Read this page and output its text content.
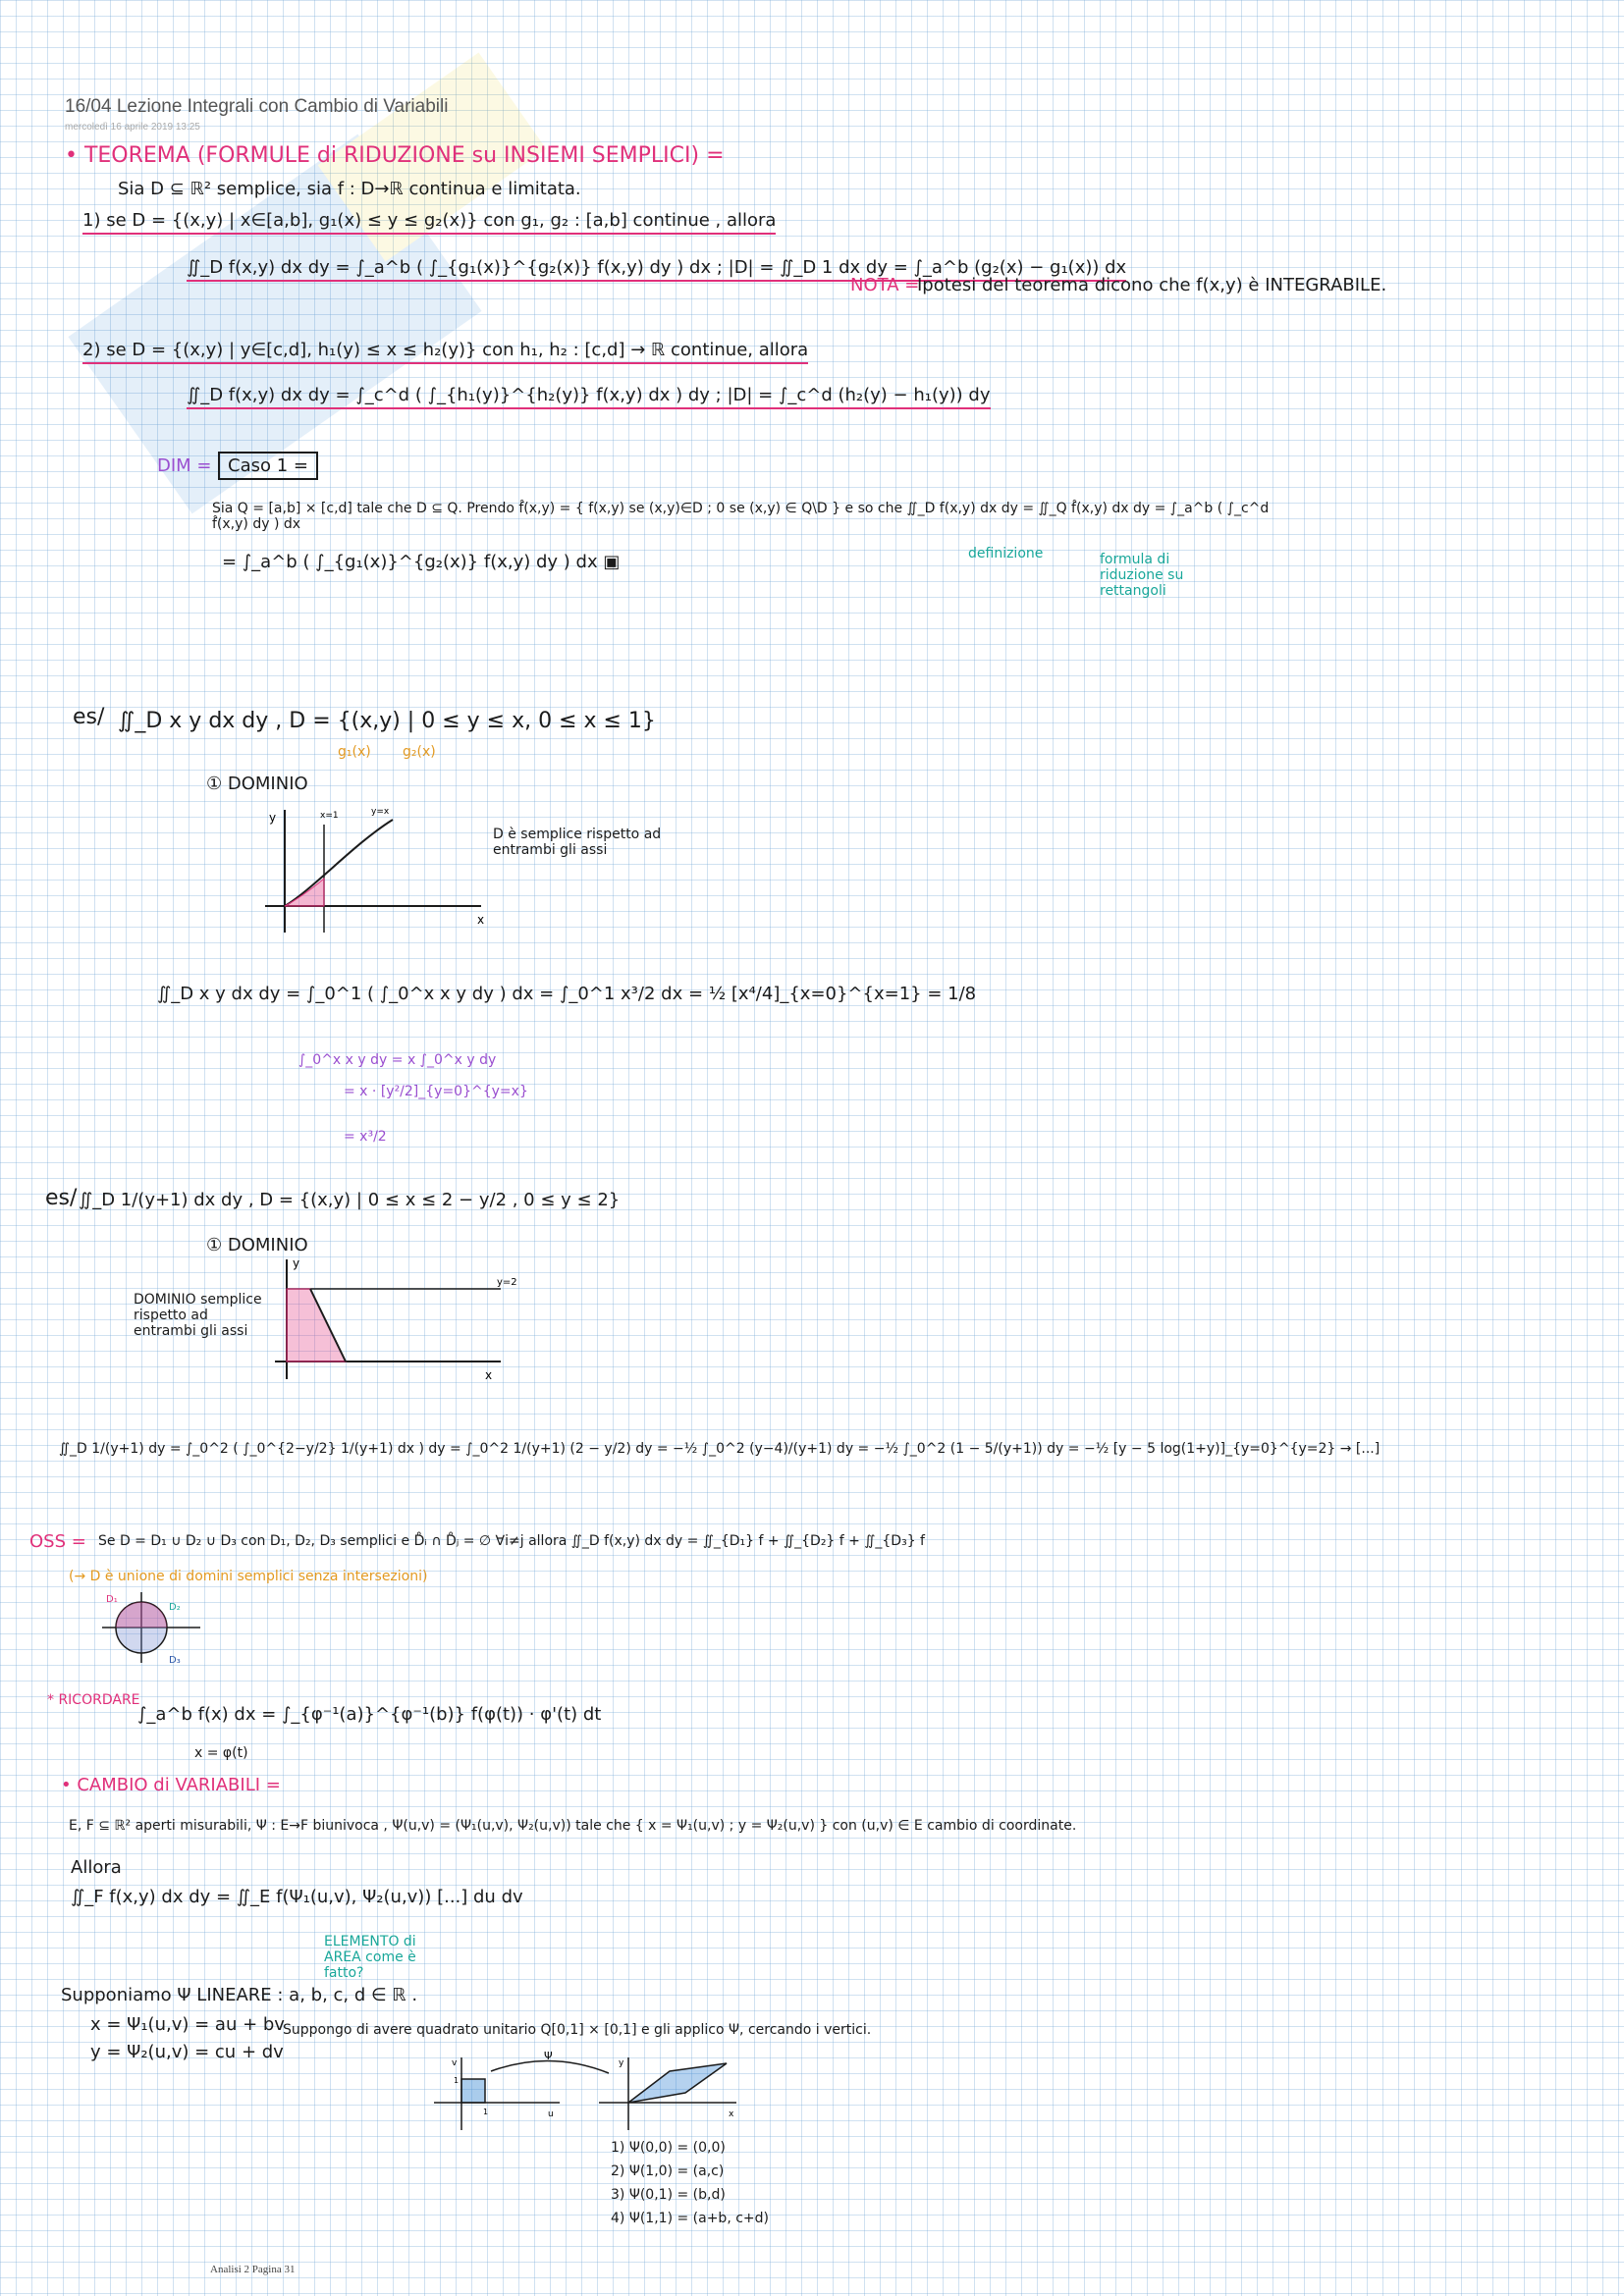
16/04 Lezione Integrali con Cambio di Variabili
mercoledì 16 aprile 2019 13:25
• TEOREMA (FORMULE di RIDUZIONE su INSIEMI SEMPLICI) =
Sia D ⊆ ℝ² semplice, sia f : D→ℝ continua e limitata.
1) se D = {(x,y) | x∈[a,b], g₁(x) ≤ y ≤ g₂(x)} con g₁, g₂ : [a,b] continue , allora
∬_D f(x,y) dx dy = ∫_a^b ( ∫_{g₁(x)}^{g₂(x)} f(x,y) dy ) dx ; |D| = ∬_D 1 dx dy = ∫_a^b (g₂(x) − g₁(x)) dx
NOTA =
Ipotesi del teorema dicono che f(x,y) è INTEGRABILE.
2) se D = {(x,y) | y∈[c,d], h₁(y) ≤ x ≤ h₂(y)} con h₁, h₂ : [c,d] → ℝ continue, allora
∬_D f(x,y) dx dy = ∫_c^d ( ∫_{h₁(y)}^{h₂(y)} f(x,y) dx ) dy ; |D| = ∫_c^d (h₂(y) − h₁(y)) dy
DIM = Caso 1 =
Sia Q = [a,b] × [c,d] tale che D ⊆ Q. Prendo f̂(x,y) = { f(x,y) se (x,y)∈D ; 0 se (x,y) ∈ Q\D } e so che ∬_D f(x,y) dx dy = ∬_Q f̂(x,y) dx dy = ∫_a^b ( ∫_c^d f̂(x,y) dy ) dx
= ∫_a^b ( ∫_{g₁(x)}^{g₂(x)} f(x,y) dy ) dx ▣	definizione	formula di riduzione su rettangoli
es/ ∬_D x y dx dy , D = {(x,y) | 0 ≤ y ≤ x, 0 ≤ x ≤ 1}
g₁(x) g₂(x)
① DOMINIO
D è semplice rispetto ad entrambi gli assi
y
x
x=1	y=x
∬_D x y dx dy = ∫_0^1 ( ∫_0^x x y dy ) dx = ∫_0^1 x³/2 dx = ½ [x⁴/4]_{x=0}^{x=1} = 1/8
∫_0^x x y dy = x ∫_0^x y dy
= x · [y²/2]_{y=0}^{y=x}
= x³/2
es/ ∬_D 1/(y+1) dx dy , D = {(x,y) | 0 ≤ x ≤ 2 − y/2 , 0 ≤ y ≤ 2}
① DOMINIO
DOMINIO semplice rispetto ad entrambi gli assi
y
x
y=2
∬_D 1/(y+1) dy = ∫_0^2 ( ∫_0^{2−y/2} 1/(y+1) dx ) dy = ∫_0^2 1/(y+1) (2 − y/2) dy = −½ ∫_0^2 (y−4)/(y+1) dy = −½ ∫_0^2 (1 − 5/(y+1)) dy = −½ [y − 5 log(1+y)]_{y=0}^{y=2} → [...]
OSS = Se D = D₁ ∪ D₂ ∪ D₃ con D₁, D₂, D₃ semplici e D̊ᵢ ∩ D̊ⱼ = ∅ ∀i≠j allora ∬_D f(x,y) dx dy = ∬_{D₁} f + ∬_{D₂} f + ∬_{D₃} f
(→ D è unione di domini semplici senza intersezioni)
D₁
D₂
D₃
* RICORDARE
∫_a^b f(x) dx = ∫_{φ⁻¹(a)}^{φ⁻¹(b)} f(φ(t)) · φ'(t) dt
x = φ(t)
• CAMBIO di VARIABILI =
E, F ⊆ ℝ² aperti misurabili, Ψ : E→F biunivoca , Ψ(u,v) = (Ψ₁(u,v), Ψ₂(u,v)) tale che { x = Ψ₁(u,v) ; y = Ψ₂(u,v) } con (u,v) ∈ E cambio di coordinate.
Allora
∬_F f(x,y) dx dy = ∬_E f(Ψ₁(u,v), Ψ₂(u,v)) [...] du dv
ELEMENTO di AREA come è fatto?
Supponiamo Ψ LINEARE : a, b, c, d ∈ ℝ .
x = Ψ₁(u,v) = au + bv
y = Ψ₂(u,v) = cu + dv
Suppongo di avere quadrato unitario Q[0,1] × [0,1] e gli applico Ψ, cercando i vertici.
v
u
1
1
Ψ
y
x
1) Ψ(0,0) = (0,0)
2) Ψ(1,0) = (a,c)
3) Ψ(0,1) = (b,d)
4) Ψ(1,1) = (a+b, c+d)
Analisi 2 Pagina 31
